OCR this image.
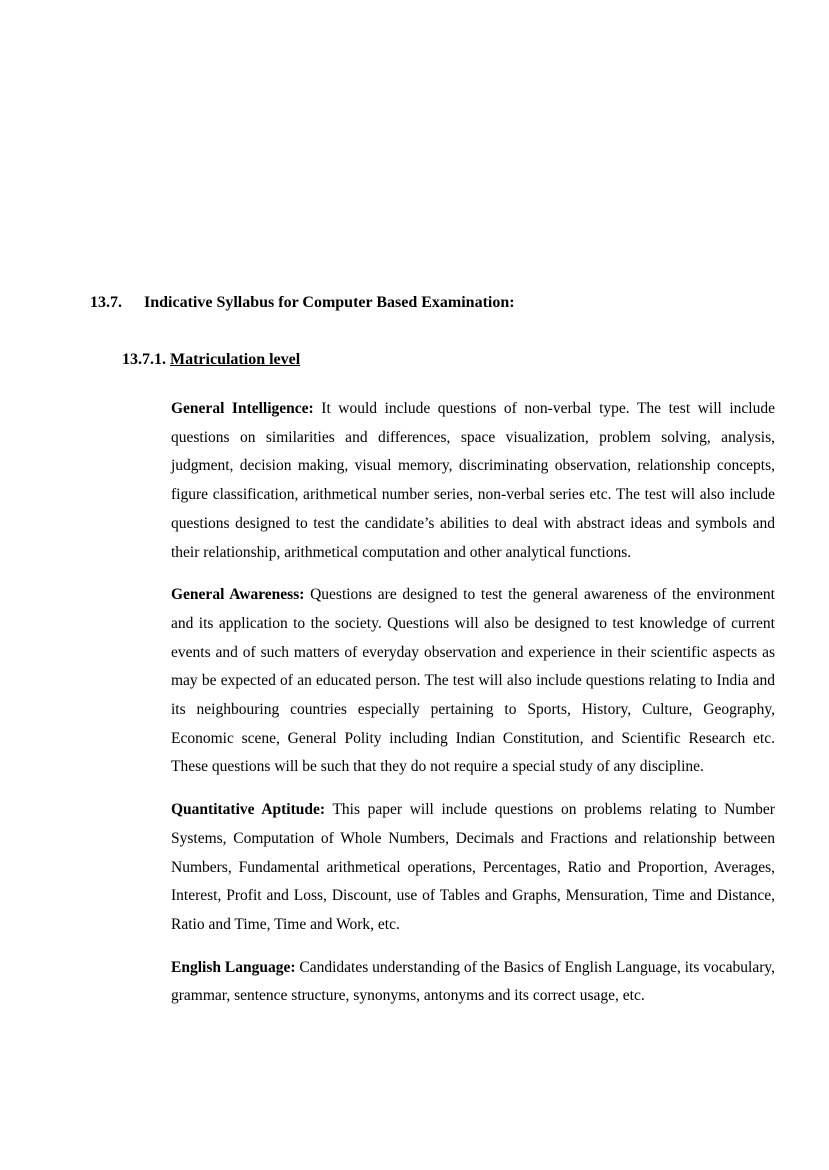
13.7. Indicative Syllabus for Computer Based Examination:
13.7.1. Matriculation level

General Intelligence: It would include questions of non-verbal type. The test will include questions on similarities and differences, space visualization, problem solving, analysis, judgment, decision making, visual memory, discriminating observation, relationship concepts, figure classification, arithmetical number series, non-verbal series etc. The test will also include questions designed to test the candidate’s abilities to deal with abstract ideas and symbols and their relationship, arithmetical computation and other analytical functions.

General Awareness: Questions are designed to test the general awareness of the environment and its application to the society. Questions will also be designed to test knowledge of current events and of such matters of everyday observation and experience in their scientific aspects as may be expected of an educated person. The test will also include questions relating to India and its neighbouring countries especially pertaining to Sports, History, Culture, Geography, Economic scene, General Polity including Indian Constitution, and Scientific Research etc. These questions will be such that they do not require a special study of any discipline.

Quantitative Aptitude: This paper will include questions on problems relating to Number Systems, Computation of Whole Numbers, Decimals and Fractions and relationship between Numbers, Fundamental arithmetical operations, Percentages, Ratio and Proportion, Averages, Interest, Profit and Loss, Discount, use of Tables and Graphs, Mensuration, Time and Distance, Ratio and Time, Time and Work, etc.

English Language: Candidates understanding of the Basics of English Language, its vocabulary, grammar, sentence structure, synonyms, antonyms and its correct usage, etc.
